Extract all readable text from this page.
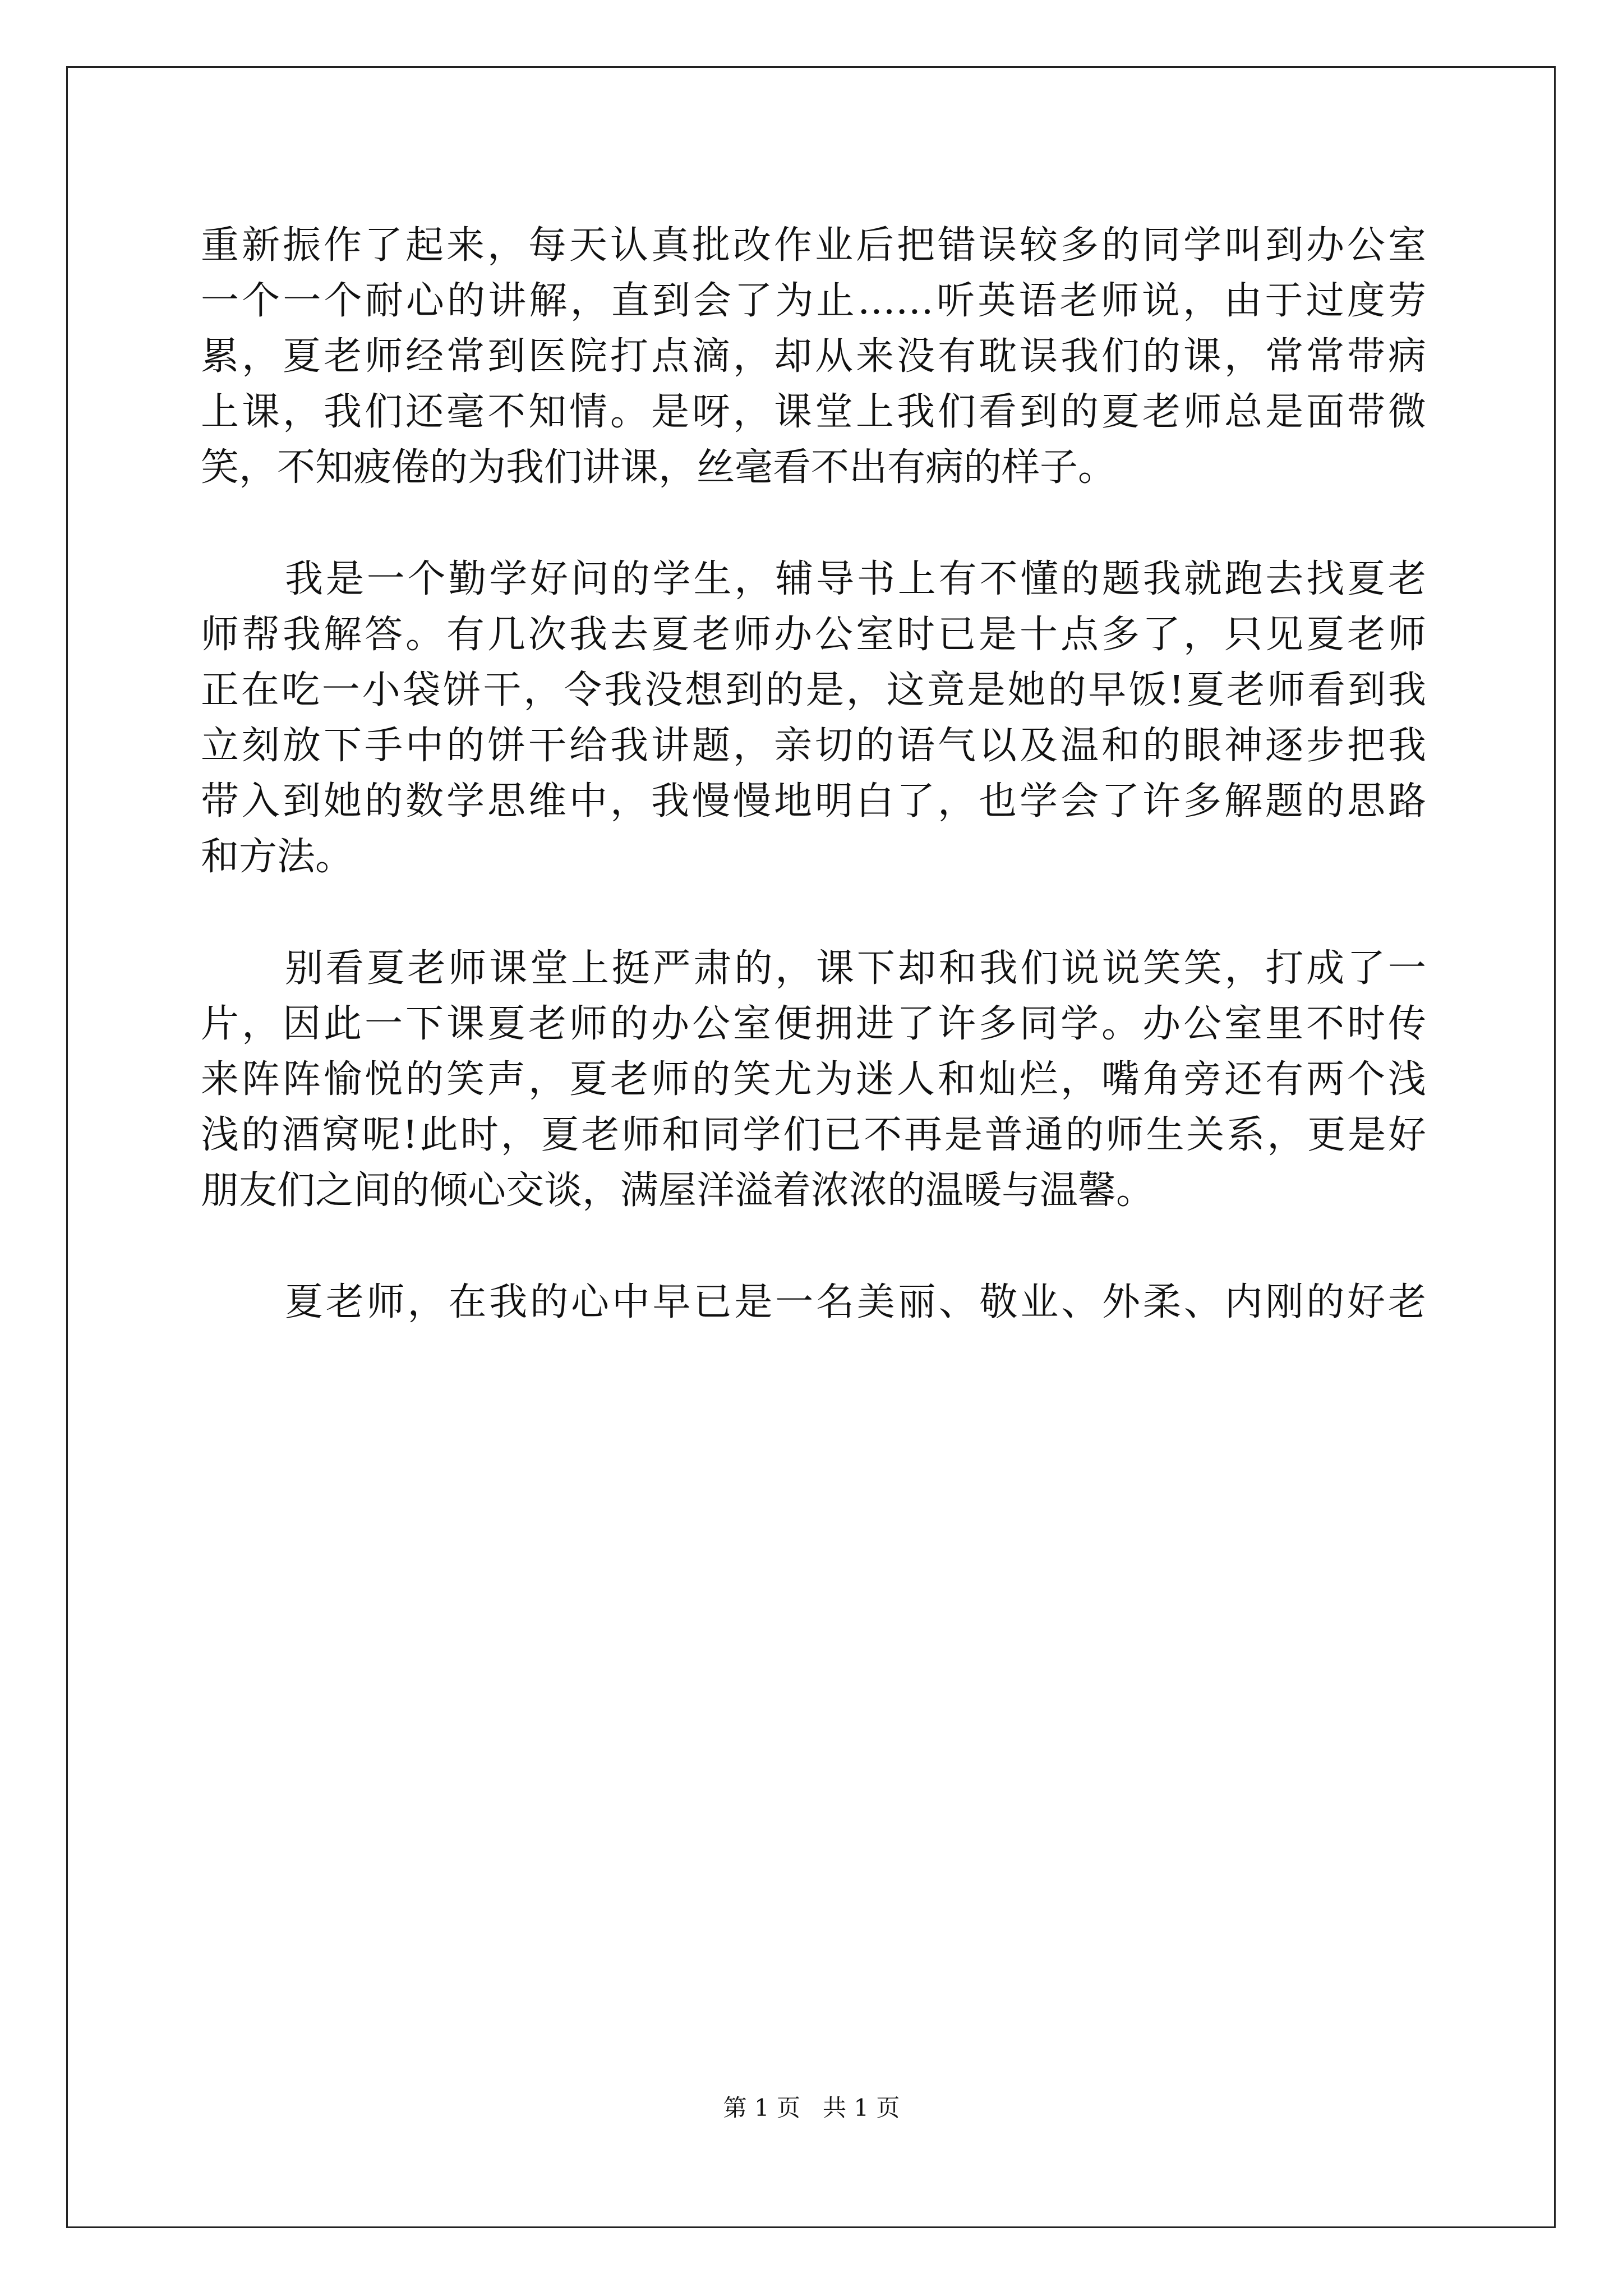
重新振作了起来，每天认真批改作业后把错误较多的同学叫到办公室
一个一个耐心的讲解，直到会了为止……听英语老师说，由于过度劳
累，夏老师经常到医院打点滴，却从来没有耽误我们的课，常常带病
上课，我们还毫不知情。是呀，课堂上我们看到的夏老师总是面带微
笑，不知疲倦的为我们讲课，丝毫看不出有病的样子。
我是一个勤学好问的学生，辅导书上有不懂的题我就跑去找夏老
师帮我解答。有几次我去夏老师办公室时已是十点多了，只见夏老师
正在吃一小袋饼干，令我没想到的是，这竟是她的早饭!夏老师看到我
立刻放下手中的饼干给我讲题，亲切的语气以及温和的眼神逐步把我
带入到她的数学思维中，我慢慢地明白了，也学会了许多解题的思路
和方法。
别看夏老师课堂上挺严肃的，课下却和我们说说笑笑，打成了一
片，因此一下课夏老师的办公室便拥进了许多同学。办公室里不时传
来阵阵愉悦的笑声，夏老师的笑尤为迷人和灿烂，嘴角旁还有两个浅
浅的酒窝呢!此时，夏老师和同学们已不再是普通的师生关系，更是好
朋友们之间的倾心交谈，满屋洋溢着浓浓的温暖与温馨。
夏老师，在我的心中早已是一名美丽、敬业、外柔、内刚的好老
第 1 页 共 1 页
